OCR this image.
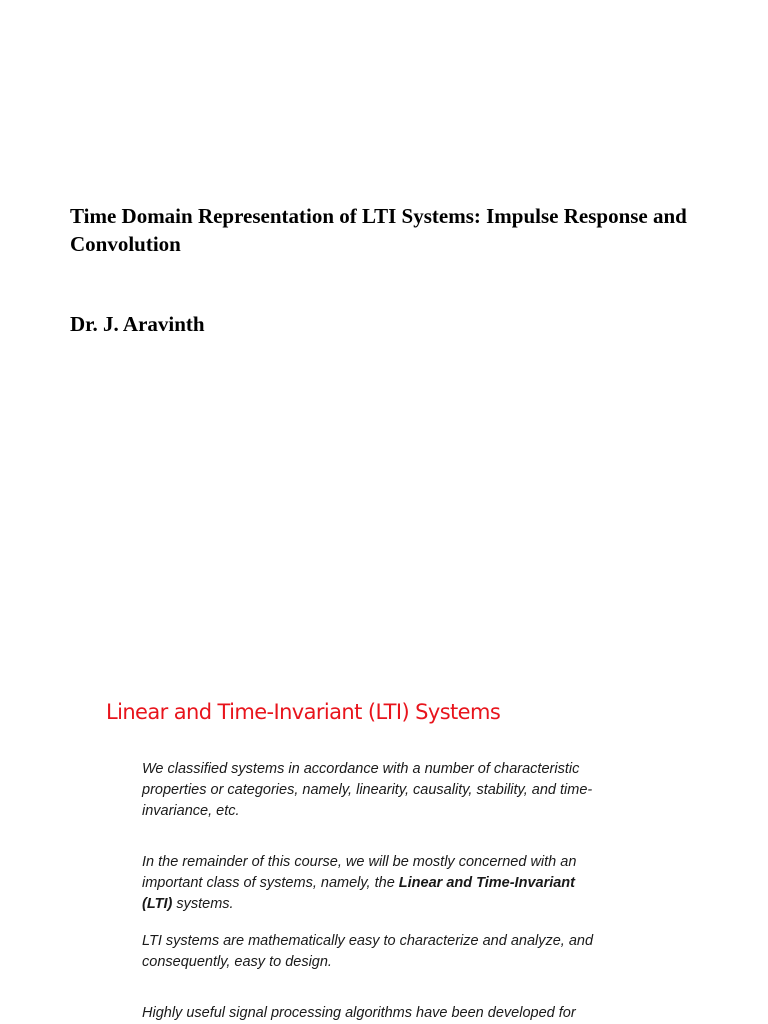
Time Domain Representation of LTI Systems: Impulse Response and Convolution

Dr. J. Aravinth

Linear and Time-Invariant (LTI) Systems

We classified systems in accordance with a number of characteristic properties or categories, namely, linearity, causality, stability, and time-invariance, etc.

In the remainder of this course, we will be mostly concerned with an important class of systems, namely, the Linear and Time-Invariant (LTI) systems.

LTI systems are mathematically easy to characterize and analyze, and consequently, easy to design.

Highly useful signal processing algorithms have been developed for
